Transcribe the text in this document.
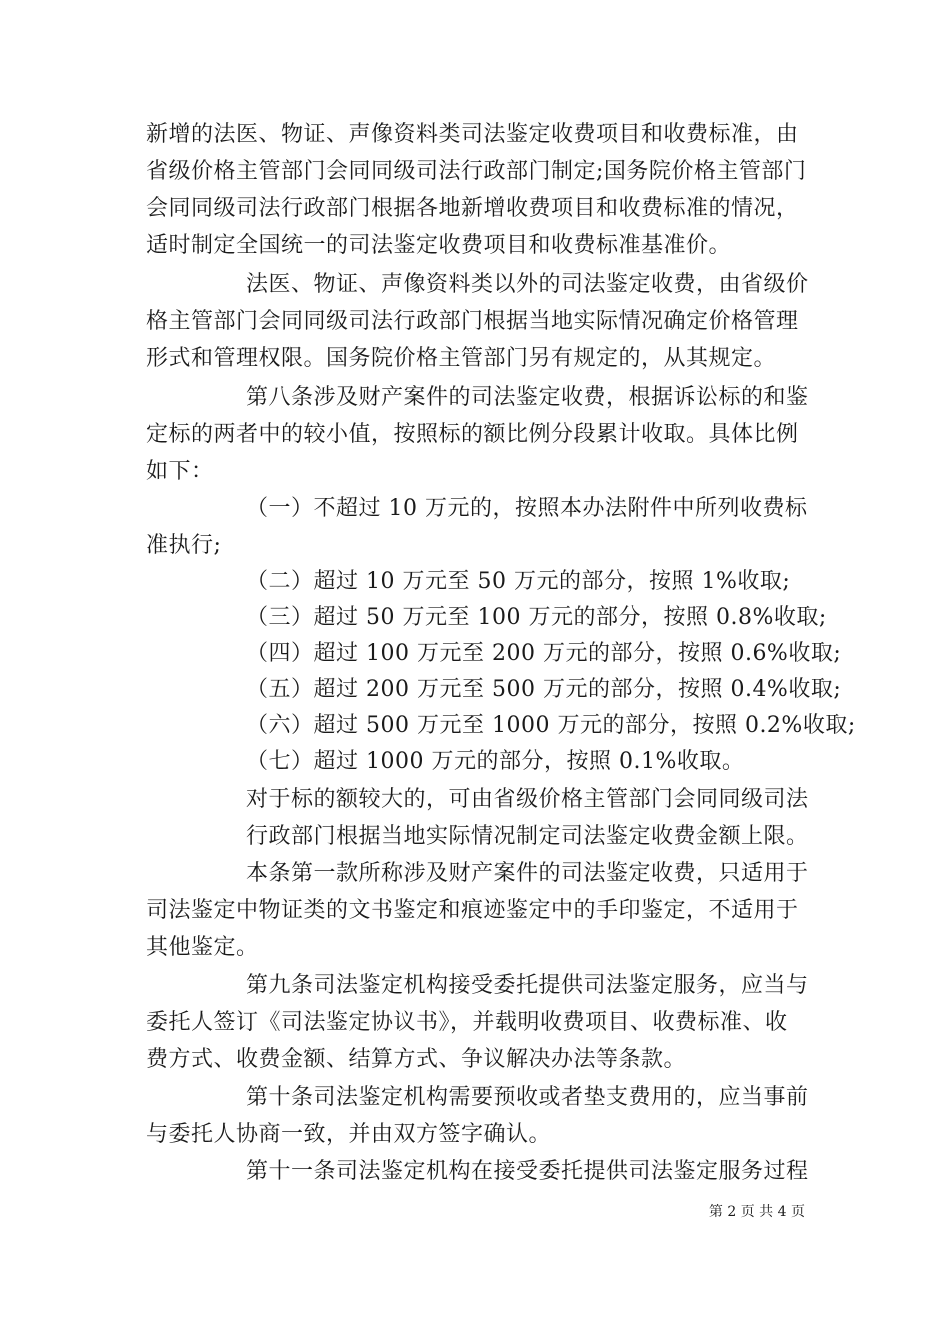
新增的法医、物证、声像资料类司法鉴定收费项目和收费标准，由
省级价格主管部门会同同级司法行政部门制定;国务院价格主管部门
会同同级司法行政部门根据各地新增收费项目和收费标准的情况，
适时制定全国统一的司法鉴定收费项目和收费标准基准价。
法医、物证、声像资料类以外的司法鉴定收费，由省级价
格主管部门会同同级司法行政部门根据当地实际情况确定价格管理
形式和管理权限。国务院价格主管部门另有规定的，从其规定。
第八条涉及财产案件的司法鉴定收费，根据诉讼标的和鉴
定标的两者中的较小值，按照标的额比例分段累计收取。具体比例
如下：
（一）不超过 10 万元的，按照本办法附件中所列收费标
准执行;
（二）超过 10 万元至 50 万元的部分，按照 1%收取;
（三）超过 50 万元至 100 万元的部分，按照 0.8%收取;
（四）超过 100 万元至 200 万元的部分，按照 0.6%收取;
（五）超过 200 万元至 500 万元的部分，按照 0.4%收取;
（六）超过 500 万元至 1000 万元的部分，按照 0.2%收取;
（七）超过 1000 万元的部分，按照 0.1%收取。
对于标的额较大的，可由省级价格主管部门会同同级司法
行政部门根据当地实际情况制定司法鉴定收费金额上限。
本条第一款所称涉及财产案件的司法鉴定收费，只适用于
司法鉴定中物证类的文书鉴定和痕迹鉴定中的手印鉴定，不适用于
其他鉴定。
第九条司法鉴定机构接受委托提供司法鉴定服务，应当与
委托人签订《司法鉴定协议书》，并载明收费项目、收费标准、收
费方式、收费金额、结算方式、争议解决办法等条款。
第十条司法鉴定机构需要预收或者垫支费用的，应当事前
与委托人协商一致，并由双方签字确认。
第十一条司法鉴定机构在接受委托提供司法鉴定服务过程
第 2 页 共 4 页
